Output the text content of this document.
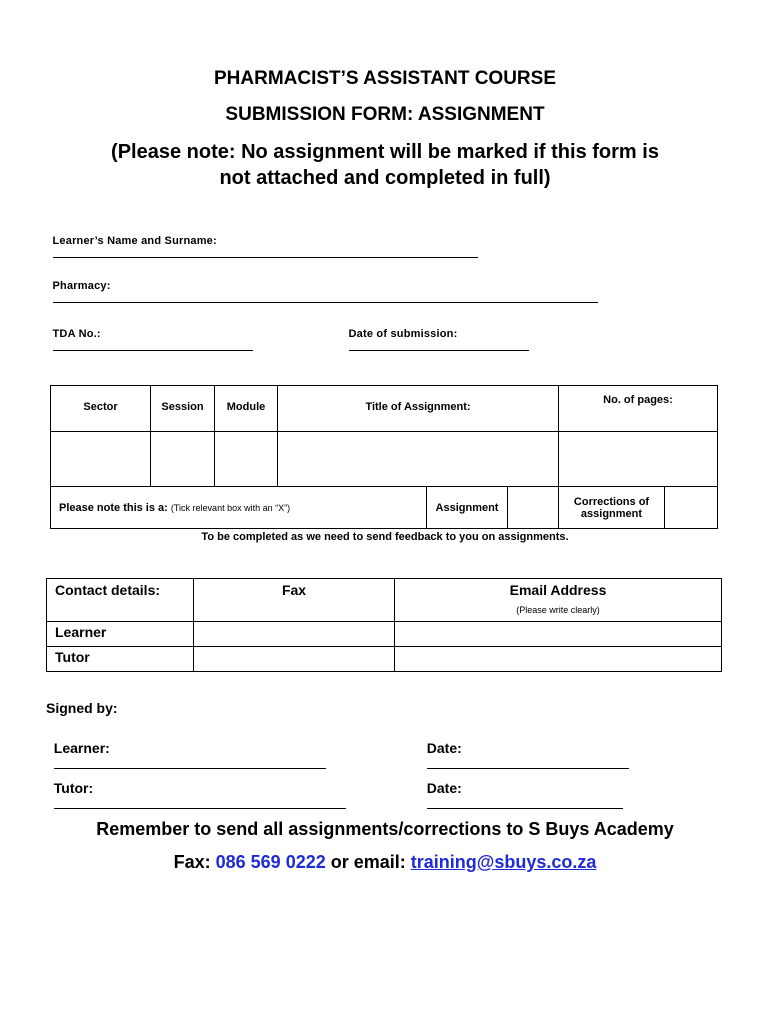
PHARMACIST’S ASSISTANT COURSE
SUBMISSION FORM: ASSIGNMENT
(Please note: No assignment will be marked if this form is
not attached and completed in full)

Learner’s Name and Surname:

Pharmacy:

TDA No.:
	Date of submission:

Sector	Session	Module	Title of Assignment:			No. of pages:	

Please note this is a: (Tick relevant box with an “X”)				Assignment		Corrections of assignment	
To be completed as we need to send feedback to you on assignments.
Contact details:	Fax	Email Address
(Please write clearly)

Learner		
Tutor		
Signed by:

Learner:
	Date:

Tutor:
	Date:

Remember to send all assignments/corrections to S Buys Academy
Fax: 086 569 0222 or email: training@sbuys.co.za
